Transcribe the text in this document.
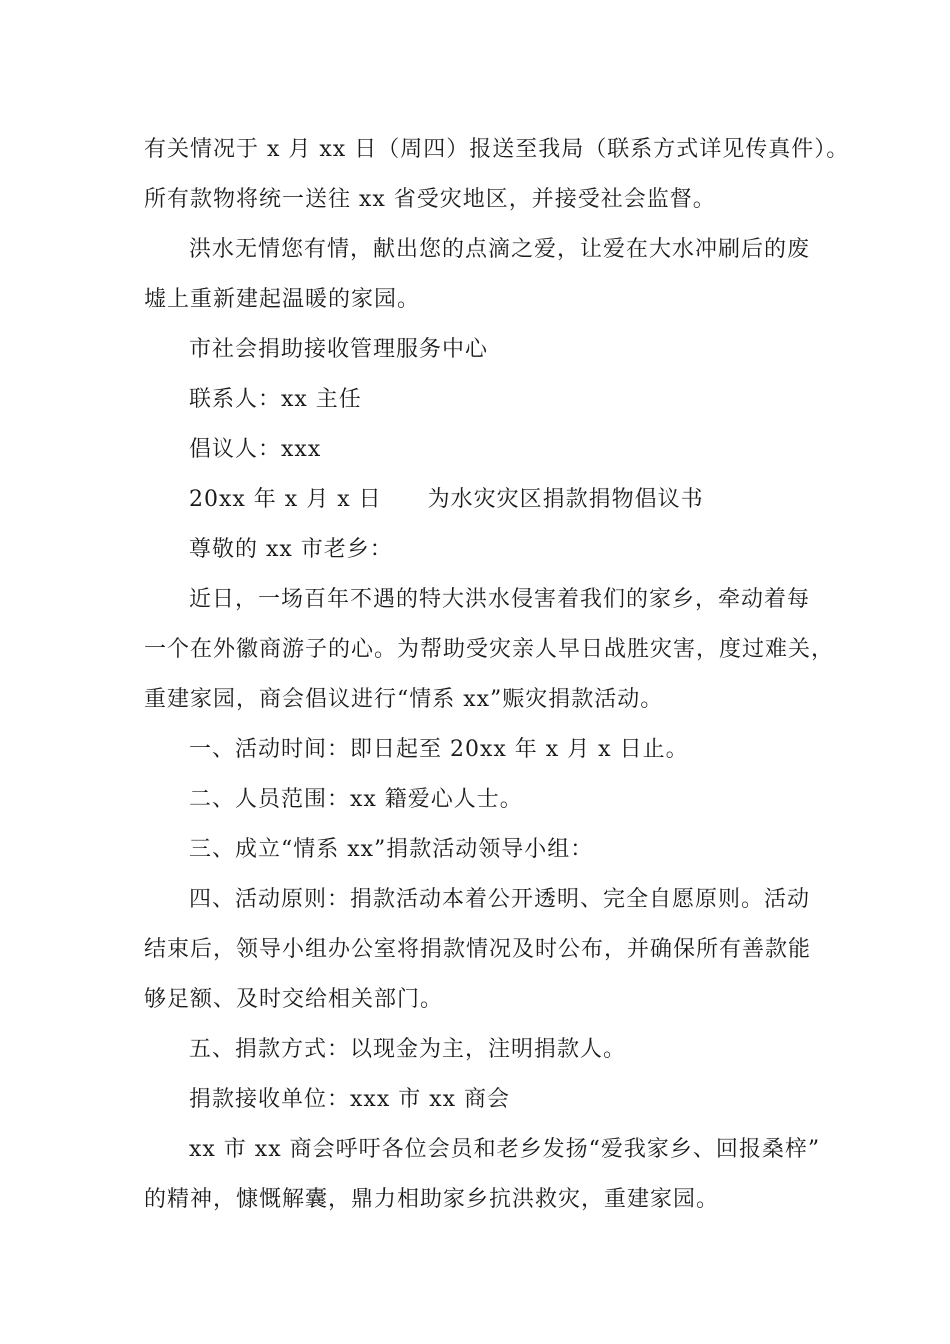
有关情况于 x 月 xx 日（周四）报送至我局（联系方式详见传真件）。
所有款物将统一送往 xx 省受灾地区，并接受社会监督。
洪水无情您有情，献出您的点滴之爱，让爱在大水冲刷后的废
墟上重新建起温暖的家园。
市社会捐助接收管理服务中心
联系人：xx 主任
倡议人：xxx
20xx 年 x 月 x 日 为水灾灾区捐款捐物倡议书
尊敬的 xx 市老乡：
近日，一场百年不遇的特大洪水侵害着我们的家乡，牵动着每
一个在外徽商游子的心。为帮助受灾亲人早日战胜灾害，度过难关，
重建家园，商会倡议进行“情系 xx”赈灾捐款活动。
一、活动时间：即日起至 20xx 年 x 月 x 日止。
二、人员范围：xx 籍爱心人士。
三、成立“情系 xx”捐款活动领导小组：
四、活动原则：捐款活动本着公开透明、完全自愿原则。活动
结束后，领导小组办公室将捐款情况及时公布，并确保所有善款能
够足额、及时交给相关部门。
五、捐款方式：以现金为主，注明捐款人。
捐款接收单位：xxx 市 xx 商会
xx 市 xx 商会呼吁各位会员和老乡发扬“爱我家乡、回报桑梓”
的精神，慷慨解囊，鼎力相助家乡抗洪救灾，重建家园。
